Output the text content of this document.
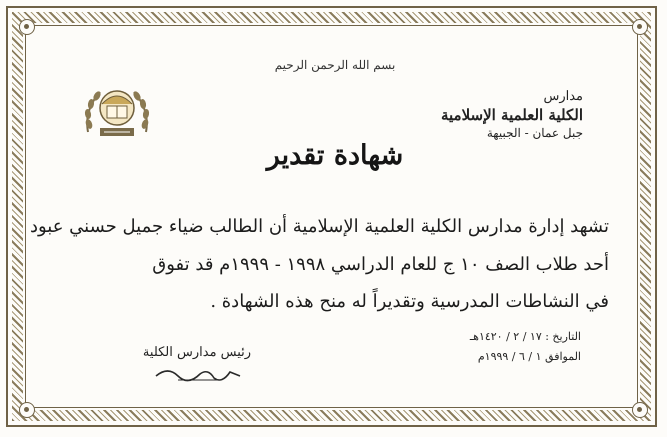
بسم الله الرحمن الرحيم
مدارس
الكلية العلمية الإسلامية
جبل عمان - الجبيهة
شهادة تقدير
تشهد إدارة مدارس الكلية العلمية الإسلامية أن الطالب ضياء جميل حسني عبود
أحد طلاب الصف ١٠ ج للعام الدراسي ١٩٩٨ - ١٩٩٩م قد تفوق
في النشاطات المدرسية وتقديراً له منح هذه الشهادة .
التاريخ : ١٧ / ٢ / ١٤٢٠هـ
الموافق ١ / ٦ / ١٩٩٩م
رئيس مدارس الكلية
